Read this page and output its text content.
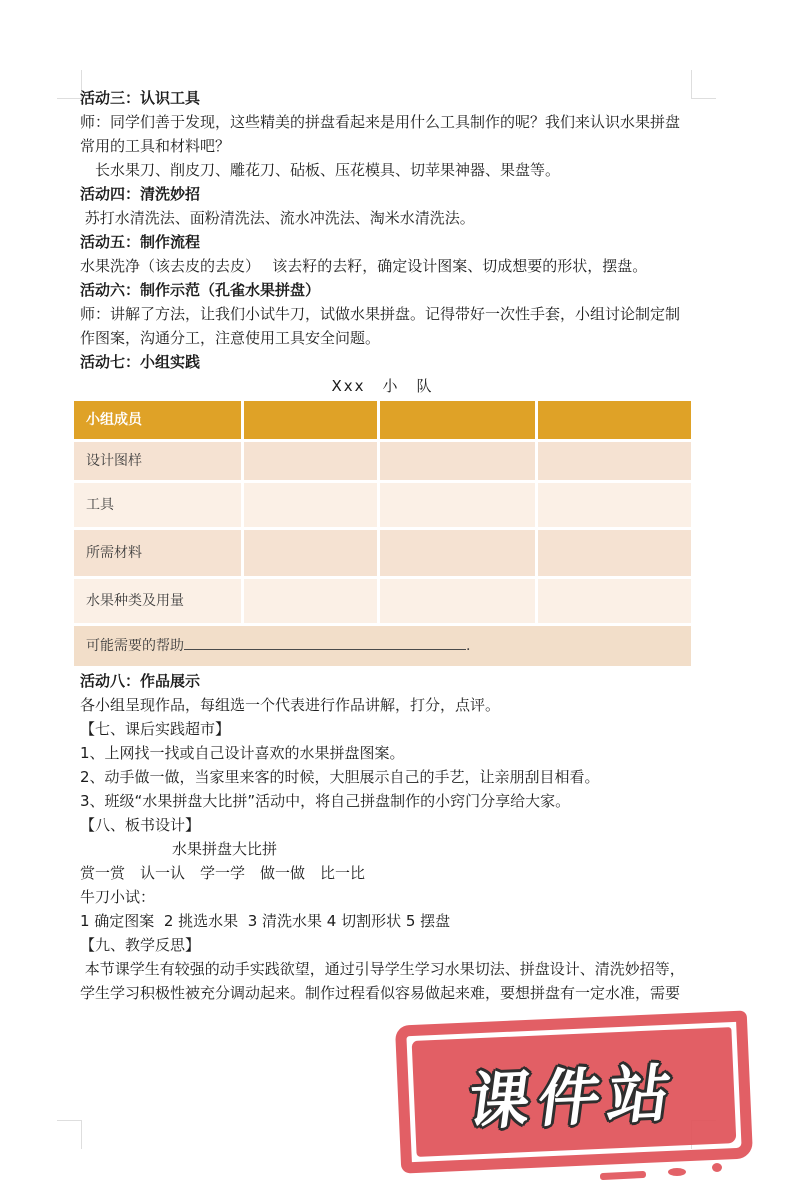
活动三：认识工具

师：同学们善于发现，这些精美的拼盘看起来是用什么工具制作的呢？我们来认识水果拼盘

常用的工具和材料吧？

　长水果刀、削皮刀、雕花刀、砧板、压花模具、切苹果神器、果盘等。

活动四：清洗妙招

苏打水清洗法、面粉清洗法、流水冲洗法、淘米水清洗法。

活动五：制作流程

水果洗净（该去皮的去皮）　 该去籽的去籽，确定设计图案、切成想要的形状，摆盘。

活动六：制作示范（孔雀水果拼盘）

师：讲解了方法，让我们小试牛刀，试做水果拼盘。记得带好一次性手套，小组讨论制定制

作图案，沟通分工，注意使用工具安全问题。

活动七：小组实践

Xxx　小　队
小组成员			
设计图样			
工具			
所需材料			
水果种类及用量			
可能需要的帮助 .			

活动八：作品展示

各小组呈现作品，每组选一个代表进行作品讲解，打分，点评。

【七、课后实践超市】

1、上网找一找或自己设计喜欢的水果拼盘图案。

2、动手做一做，当家里来客的时候，大胆展示自己的手艺，让亲朋刮目相看。

3、班级“水果拼盘大比拼”活动中，将自己拼盘制作的小窍门分享给大家。

【八、板书设计】

水果拼盘大比拼

赏一赏　认一认　学一学　做一做　比一比

牛刀小试：

1 确定图案  2 挑选水果  3 清洗水果 4 切割形状 5 摆盘

【九、教学反思】

本节课学生有较强的动手实践欲望，通过引导学生学习水果切法、拼盘设计、清洗妙招等，

学生学习积极性被充分调动起来。制作过程看似容易做起来难，要想拼盘有一定水准，需要

课件站
